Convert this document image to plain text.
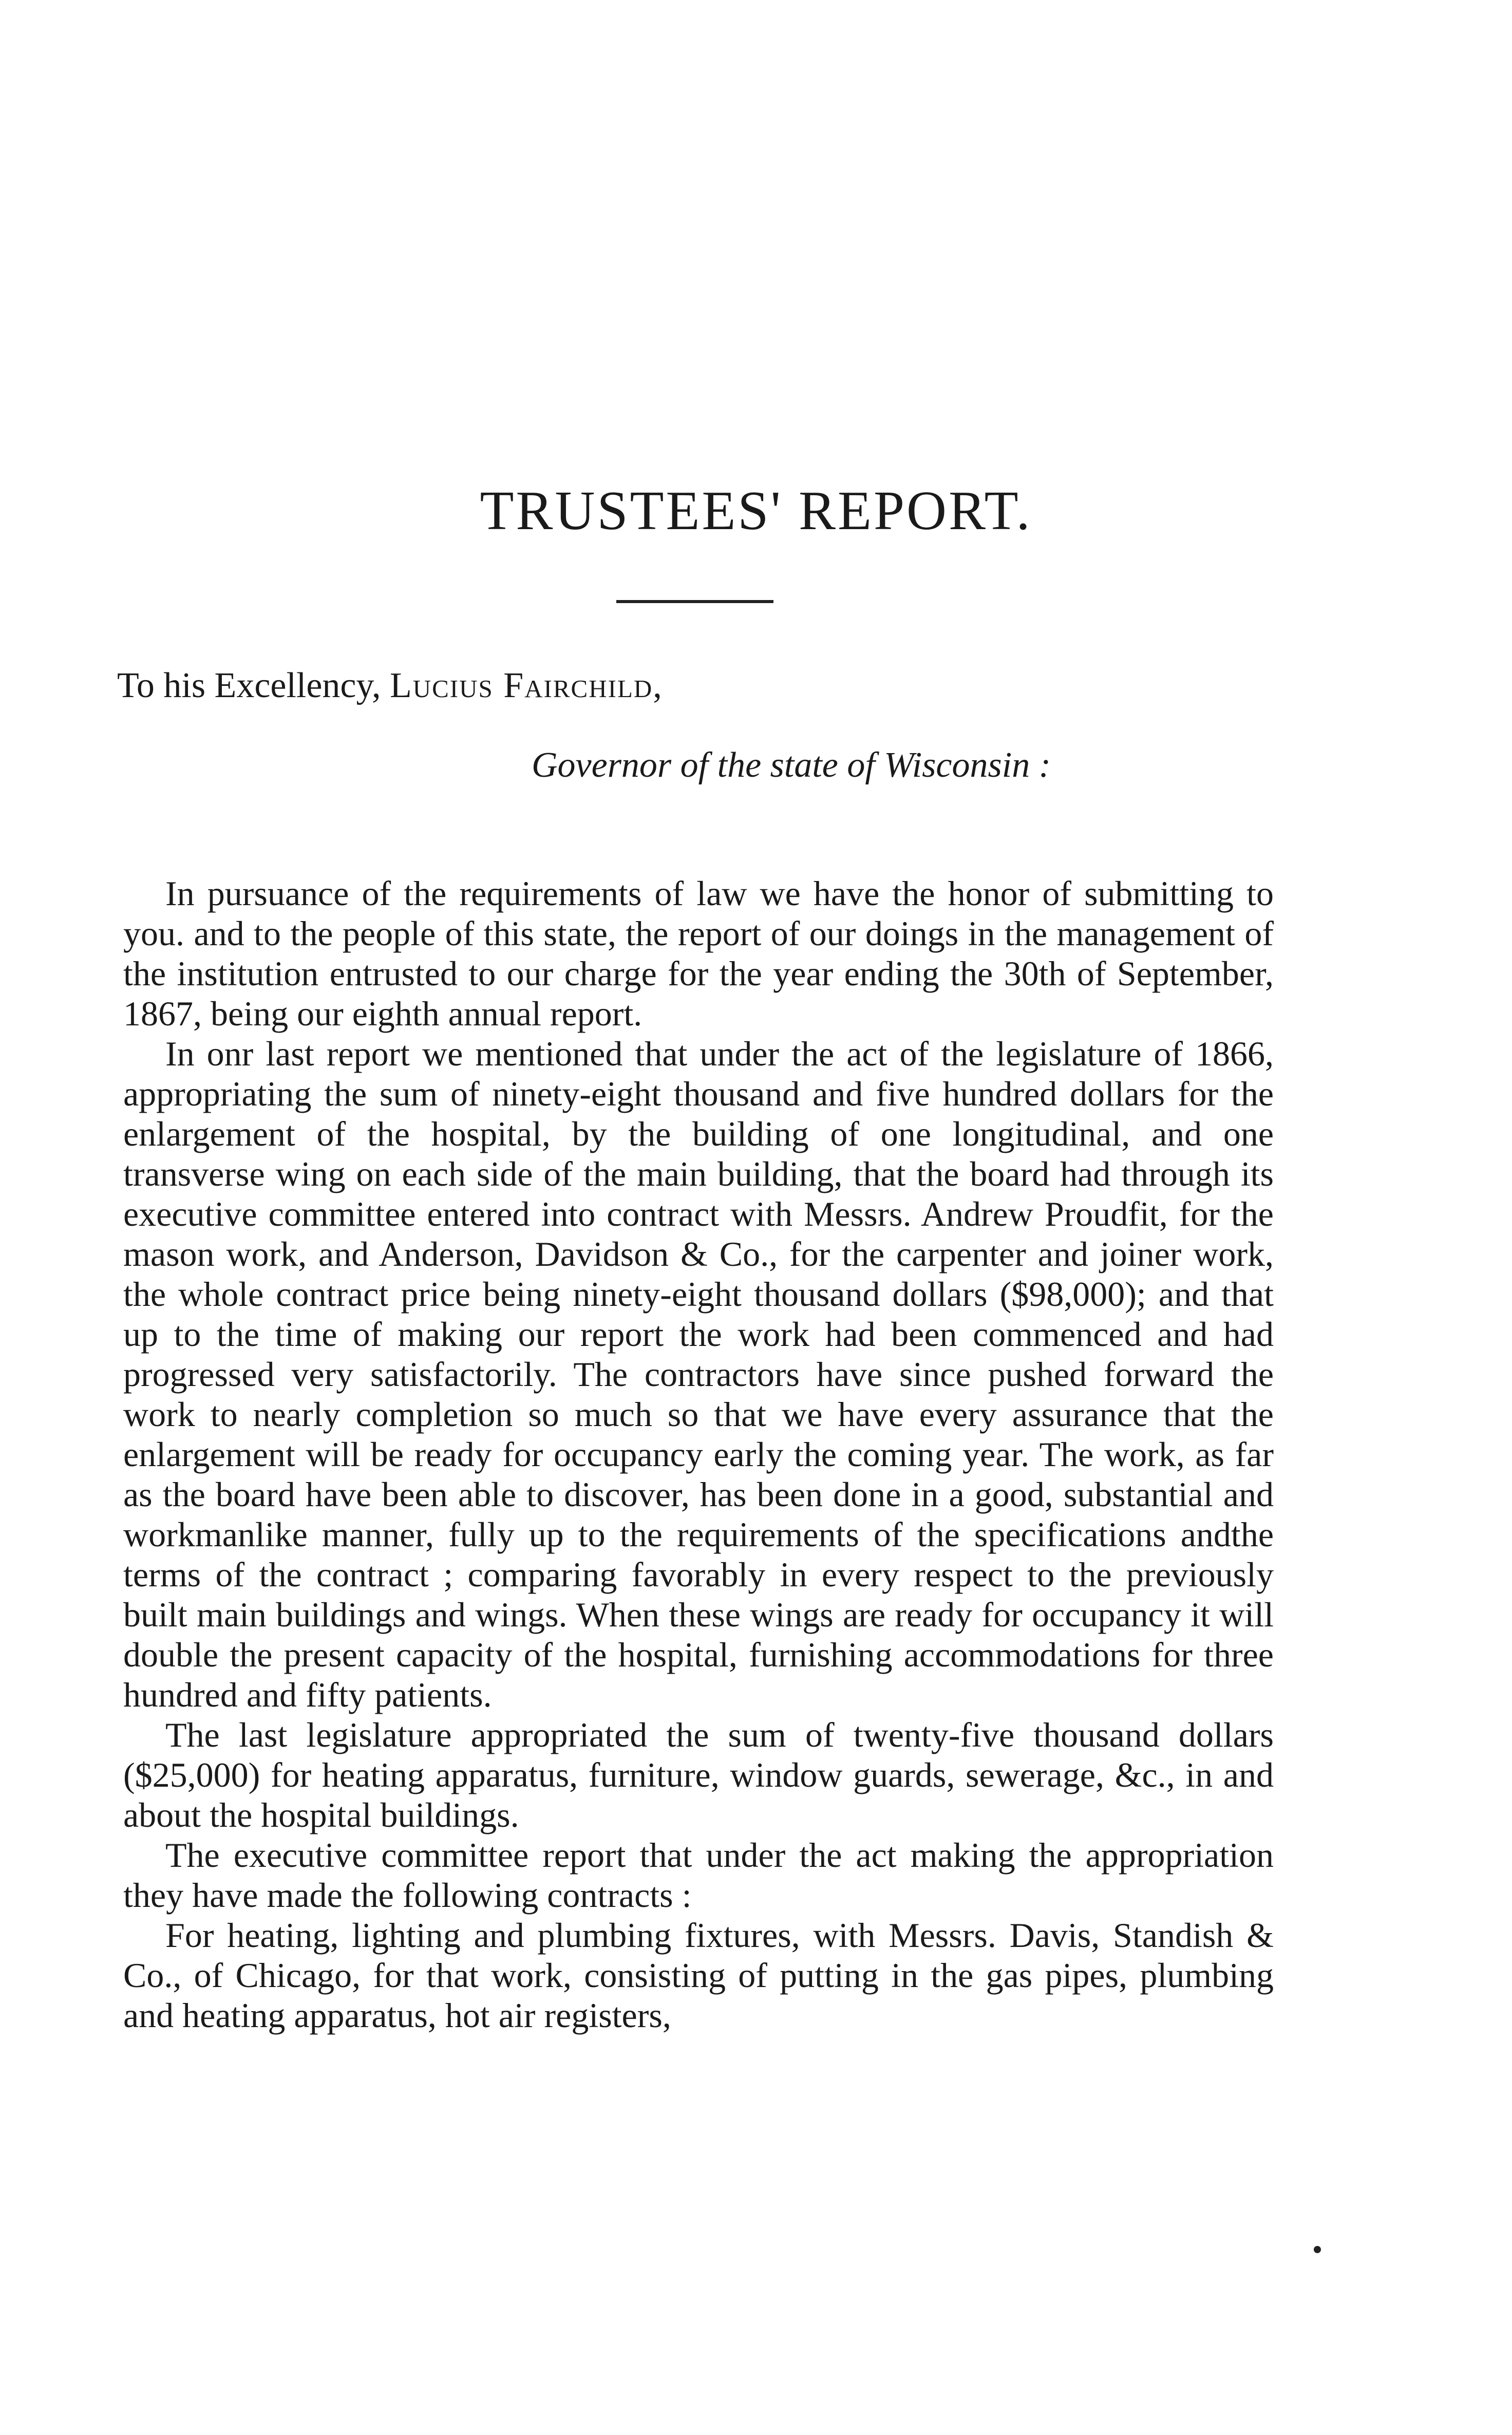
TRUSTEES' REPORT.

To his Excellency, Lucius Fairchild,

Governor of the state of Wisconsin :

In pursuance of the requirements of law we have the honor of submitting to you. and to the people of this state, the report of our doings in the management of the institution entrusted to our charge for the year ending the 30th of September, 1867, being our eighth annual report.

In onr last report we mentioned that under the act of the legislature of 1866, appropriating the sum of ninety-eight thousand and five hundred dollars for the enlargement of the hospital, by the building of one longitudinal, and one transverse wing on each side of the main building, that the board had through its executive committee entered into contract with Messrs. Andrew Proudfit, for the mason work, and Anderson, Davidson & Co., for the carpenter and joiner work, the whole contract price being ninety-eight thousand dollars ($98,000); and that up to the time of making our report the work had been commenced and had progressed very satisfactorily. The contractors have since pushed forward the work to nearly completion so much so that we have every assurance that the enlargement will be ready for occupancy early the coming year. The work, as far as the board have been able to discover, has been done in a good, substantial and workmanlike manner, fully up to the requirements of the specifications andthe terms of the contract ; comparing favorably in every respect to the previously built main buildings and wings. When these wings are ready for occupancy it will double the present capacity of the hospital, furnishing accommodations for three hundred and fifty patients.

The last legislature appropriated the sum of twenty-five thousand dollars ($25,000) for heating apparatus, furniture, window guards, sewerage, &c., in and about the hospital buildings.

The executive committee report that under the act making the appropriation they have made the following contracts :

For heating, lighting and plumbing fixtures, with Messrs. Davis, Standish & Co., of Chicago, for that work, consisting of putting in the gas pipes, plumbing and heating apparatus, hot air registers,
